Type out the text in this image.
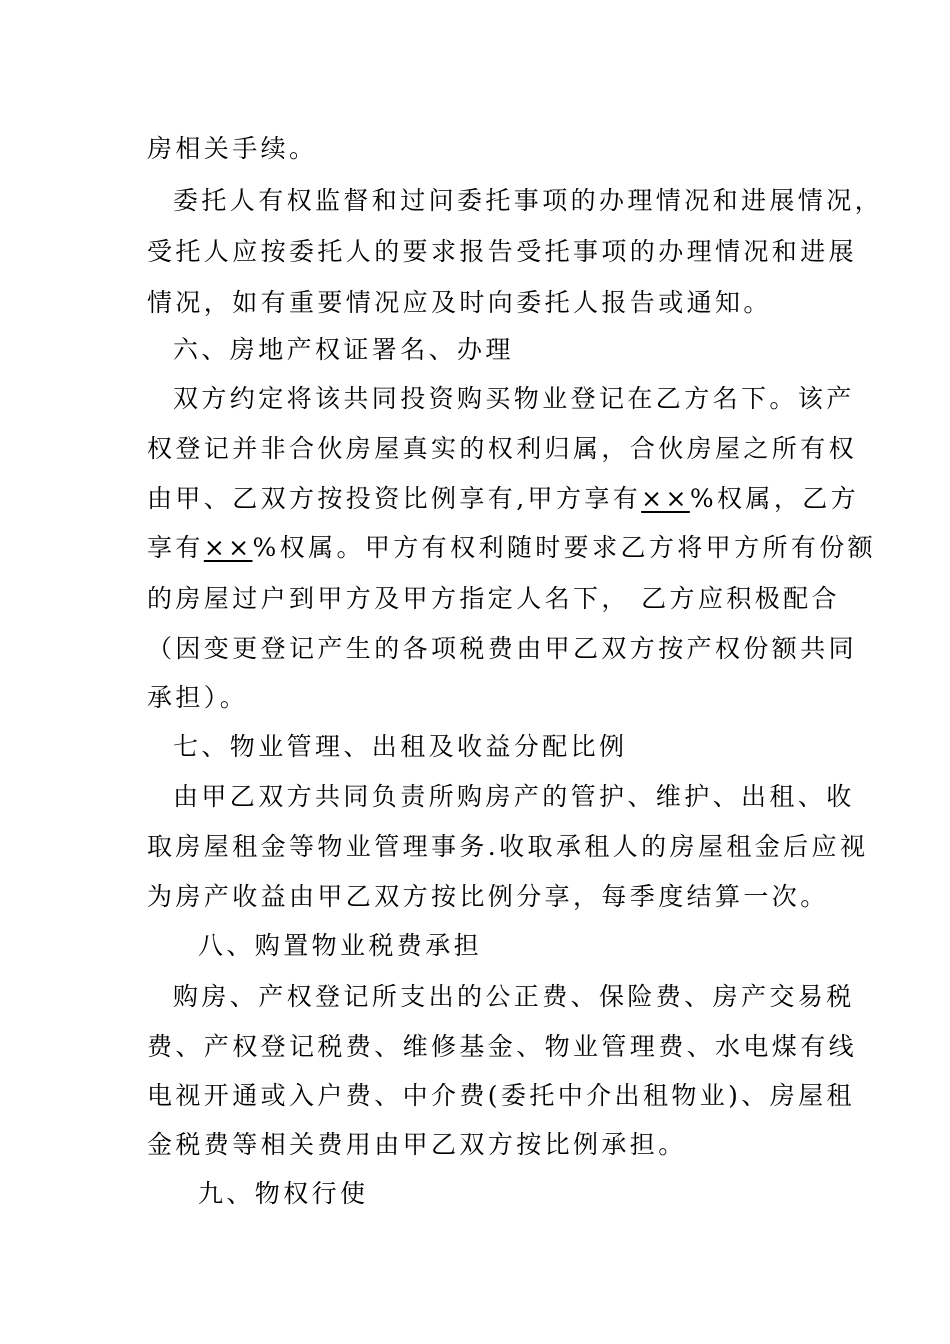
房相关手续。
委托人有权监督和过问委托事项的办理情况和进展情况，
受托人应按委托人的要求报告受托事项的办理情况和进展
情况，如有重要情况应及时向委托人报告或通知。
六、房地产权证署名、办理
双方约定将该共同投资购买物业登记在乙方名下。该产
权登记并非合伙房屋真实的权利归属，合伙房屋之所有权
由甲、乙双方按投资比例享有,甲方享有××%权属，乙方
享有××%权属。甲方有权利随时要求乙方将甲方所有份额
的房屋过户到甲方及甲方指定人名下， 乙方应积极配合
（因变更登记产生的各项税费由甲乙双方按产权份额共同
承担）。
七、物业管理、出租及收益分配比例
由甲乙双方共同负责所购房产的管护、维护、出租、收
取房屋租金等物业管理事务.收取承租人的房屋租金后应视
为房产收益由甲乙双方按比例分享，每季度结算一次。
八、购置物业税费承担
购房、产权登记所支出的公正费、保险费、房产交易税
费、产权登记税费、维修基金、物业管理费、水电煤有线
电视开通或入户费、中介费(委托中介出租物业)、房屋租
金税费等相关费用由甲乙双方按比例承担。
九、物权行使
